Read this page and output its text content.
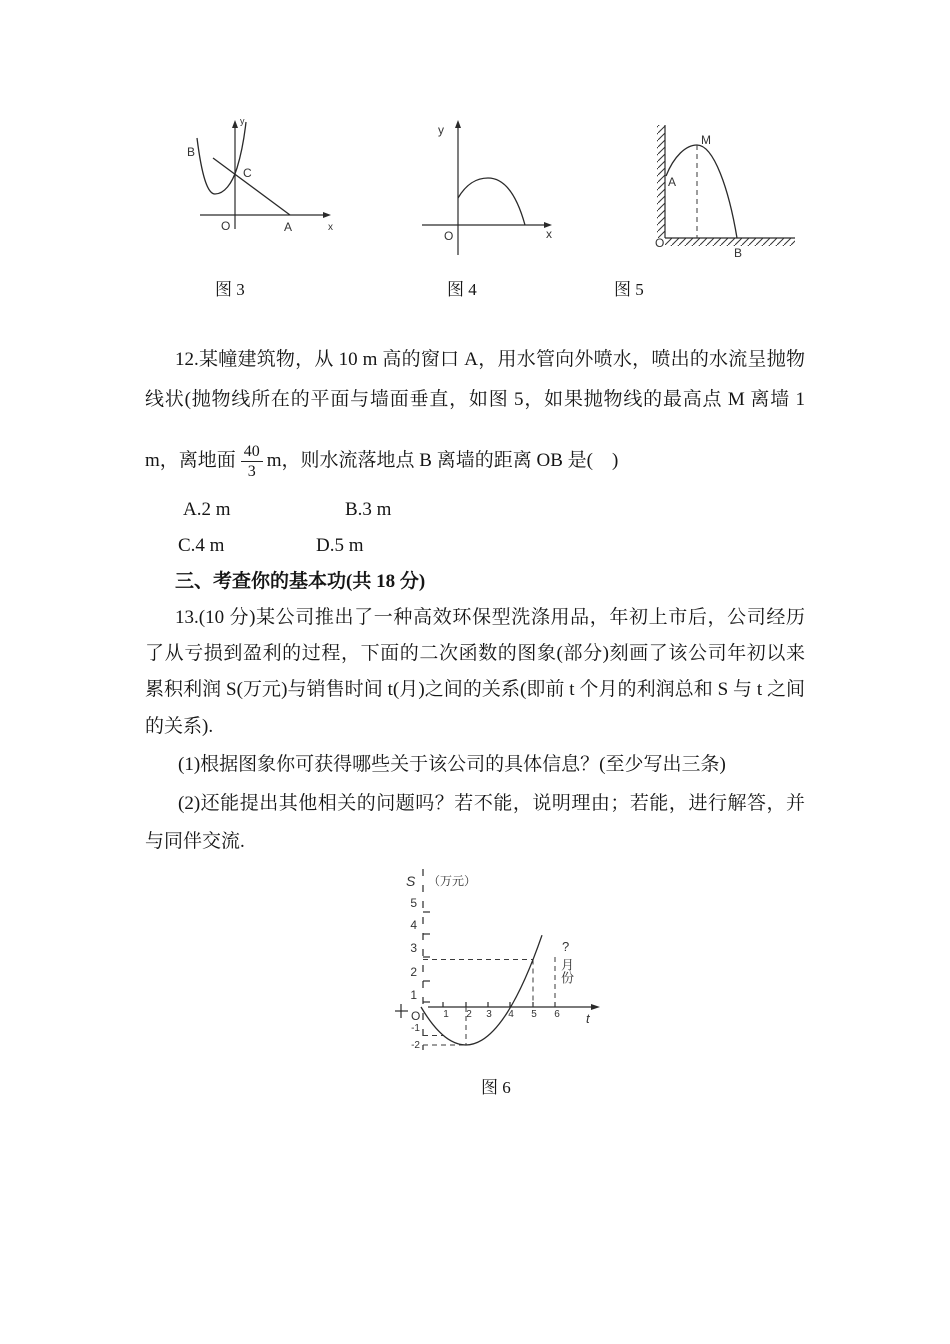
y
B
C
O	A	x
图 3
y
O	x
图 4
M
A
O
B
图 5
12.某幢建筑物，从 10 m 高的窗口 A，用水管向外喷水，喷出的水流呈抛物
线状(抛物线所在的平面与墙面垂直，如图 5，如果抛物线的最高点 M 离墙 1
m，离地面 $\frac{40}{3}$ m，则水流落地点 B 离墙的距离 OB 是(    )
A.2 m	B.3 m
C.4 m	D.5 m
三、考查你的基本功(共 18 分)
13.(10 分)某公司推出了一种高效环保型洗涤用品，年初上市后，公司经历
了从亏损到盈利的过程，下面的二次函数的图象(部分)刻画了该公司年初以来
累积利润 S(万元)与销售时间 t(月)之间的关系(即前 t 个月的利润总和 S 与 t 之间
的关系).
(1)根据图象你可获得哪些关于该公司的具体信息？(至少写出三条)
(2)还能提出其他相关的问题吗？若不能，说明理由；若能，进行解答，并
与同伴交流.
S （万元）
5
4
3
2
1
-1
-2
O 1 2 3 4 5 6 t
?
月份
图 6
